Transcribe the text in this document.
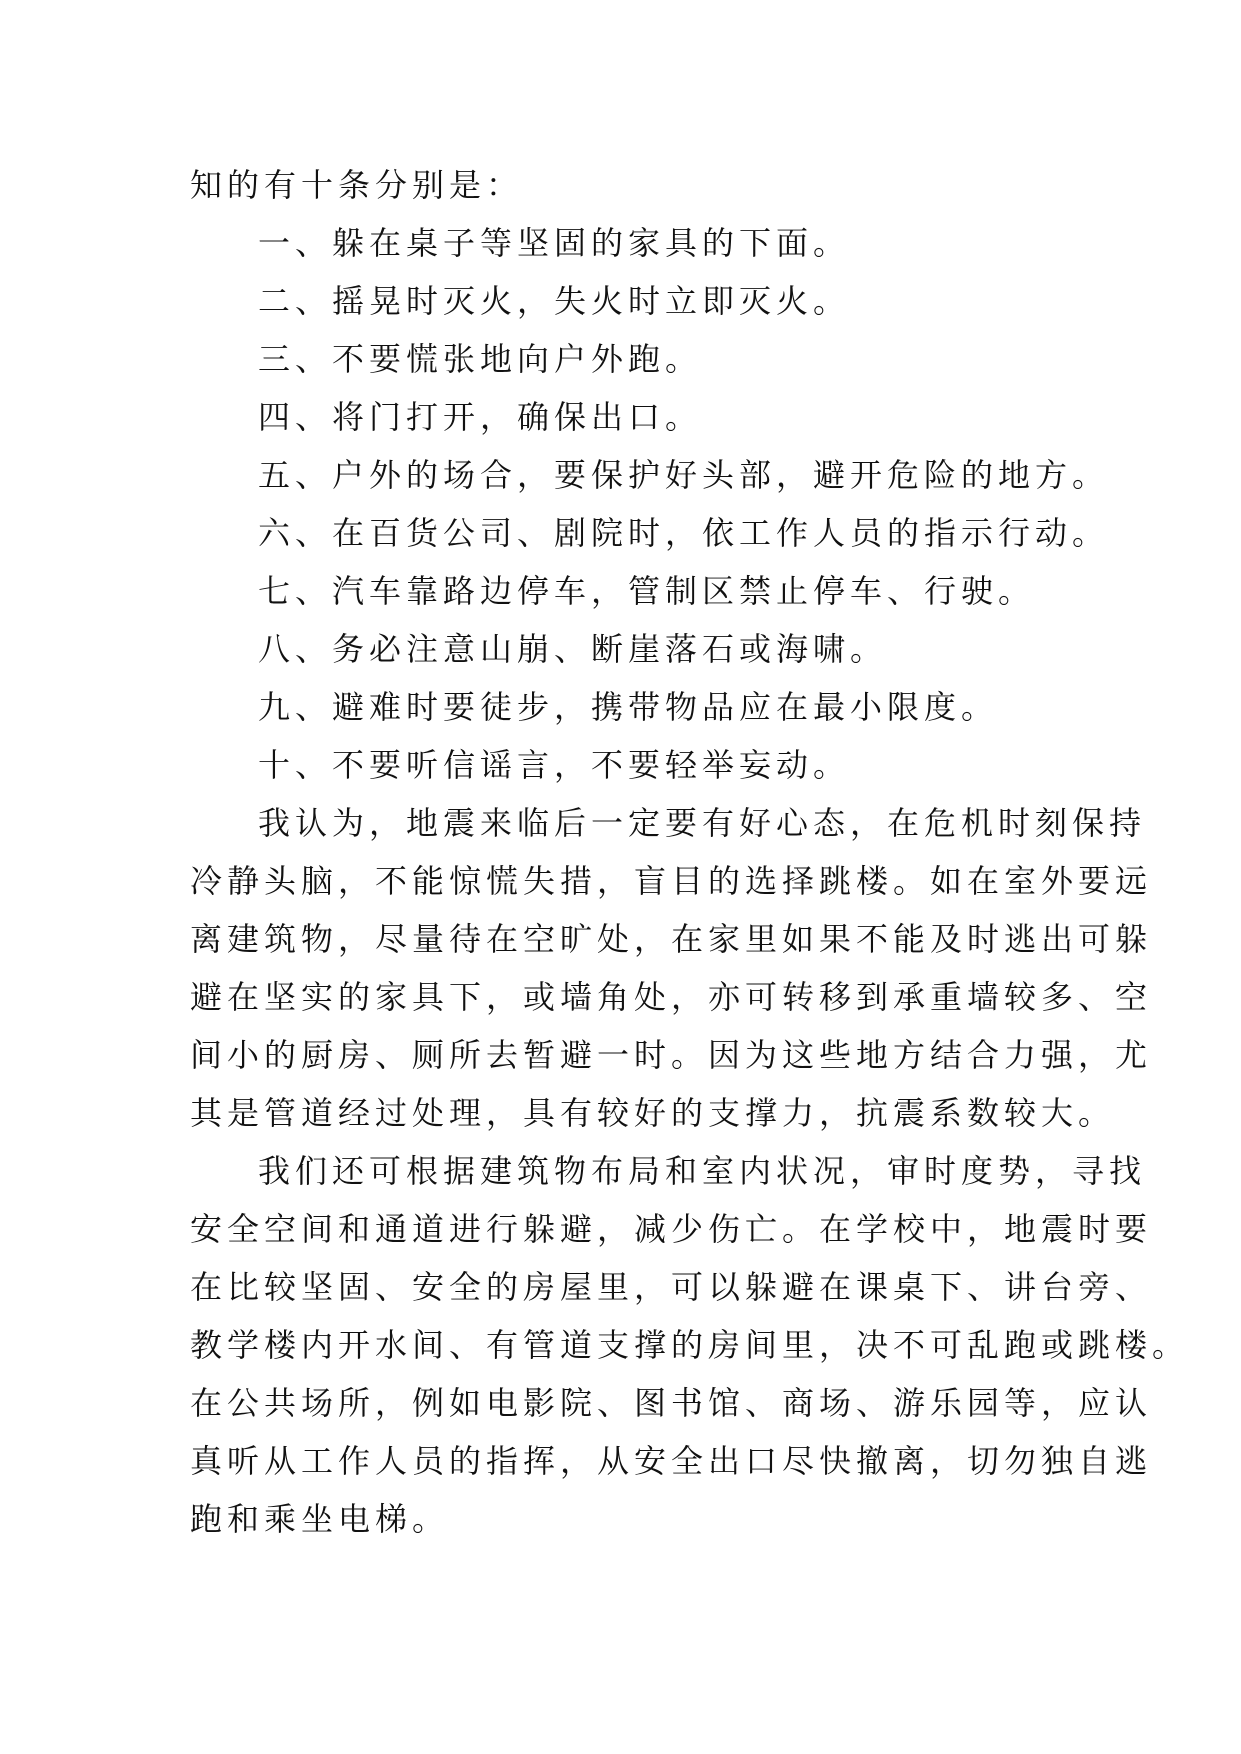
知的有十条分别是：
一、躲在桌子等坚固的家具的下面。
二、摇晃时灭火，失火时立即灭火。
三、不要慌张地向户外跑。
四、将门打开，确保出口。
五、户外的场合，要保护好头部，避开危险的地方。
六、在百货公司、剧院时，依工作人员的指示行动。
七、汽车靠路边停车，管制区禁止停车、行驶。
八、务必注意山崩、断崖落石或海啸。
九、避难时要徒步，携带物品应在最小限度。
十、不要听信谣言，不要轻举妄动。
我认为，地震来临后一定要有好心态，在危机时刻保持
冷静头脑，不能惊慌失措，盲目的选择跳楼。如在室外要远
离建筑物，尽量待在空旷处，在家里如果不能及时逃出可躲
避在坚实的家具下，或墙角处，亦可转移到承重墙较多、空
间小的厨房、厕所去暂避一时。因为这些地方结合力强，尤
其是管道经过处理，具有较好的支撑力，抗震系数较大。
我们还可根据建筑物布局和室内状况，审时度势，寻找
安全空间和通道进行躲避，减少伤亡。在学校中，地震时要
在比较坚固、安全的房屋里，可以躲避在课桌下、讲台旁、
教学楼内开水间、有管道支撑的房间里，决不可乱跑或跳楼。
在公共场所，例如电影院、图书馆、商场、游乐园等，应认
真听从工作人员的指挥，从安全出口尽快撤离，切勿独自逃
跑和乘坐电梯。
